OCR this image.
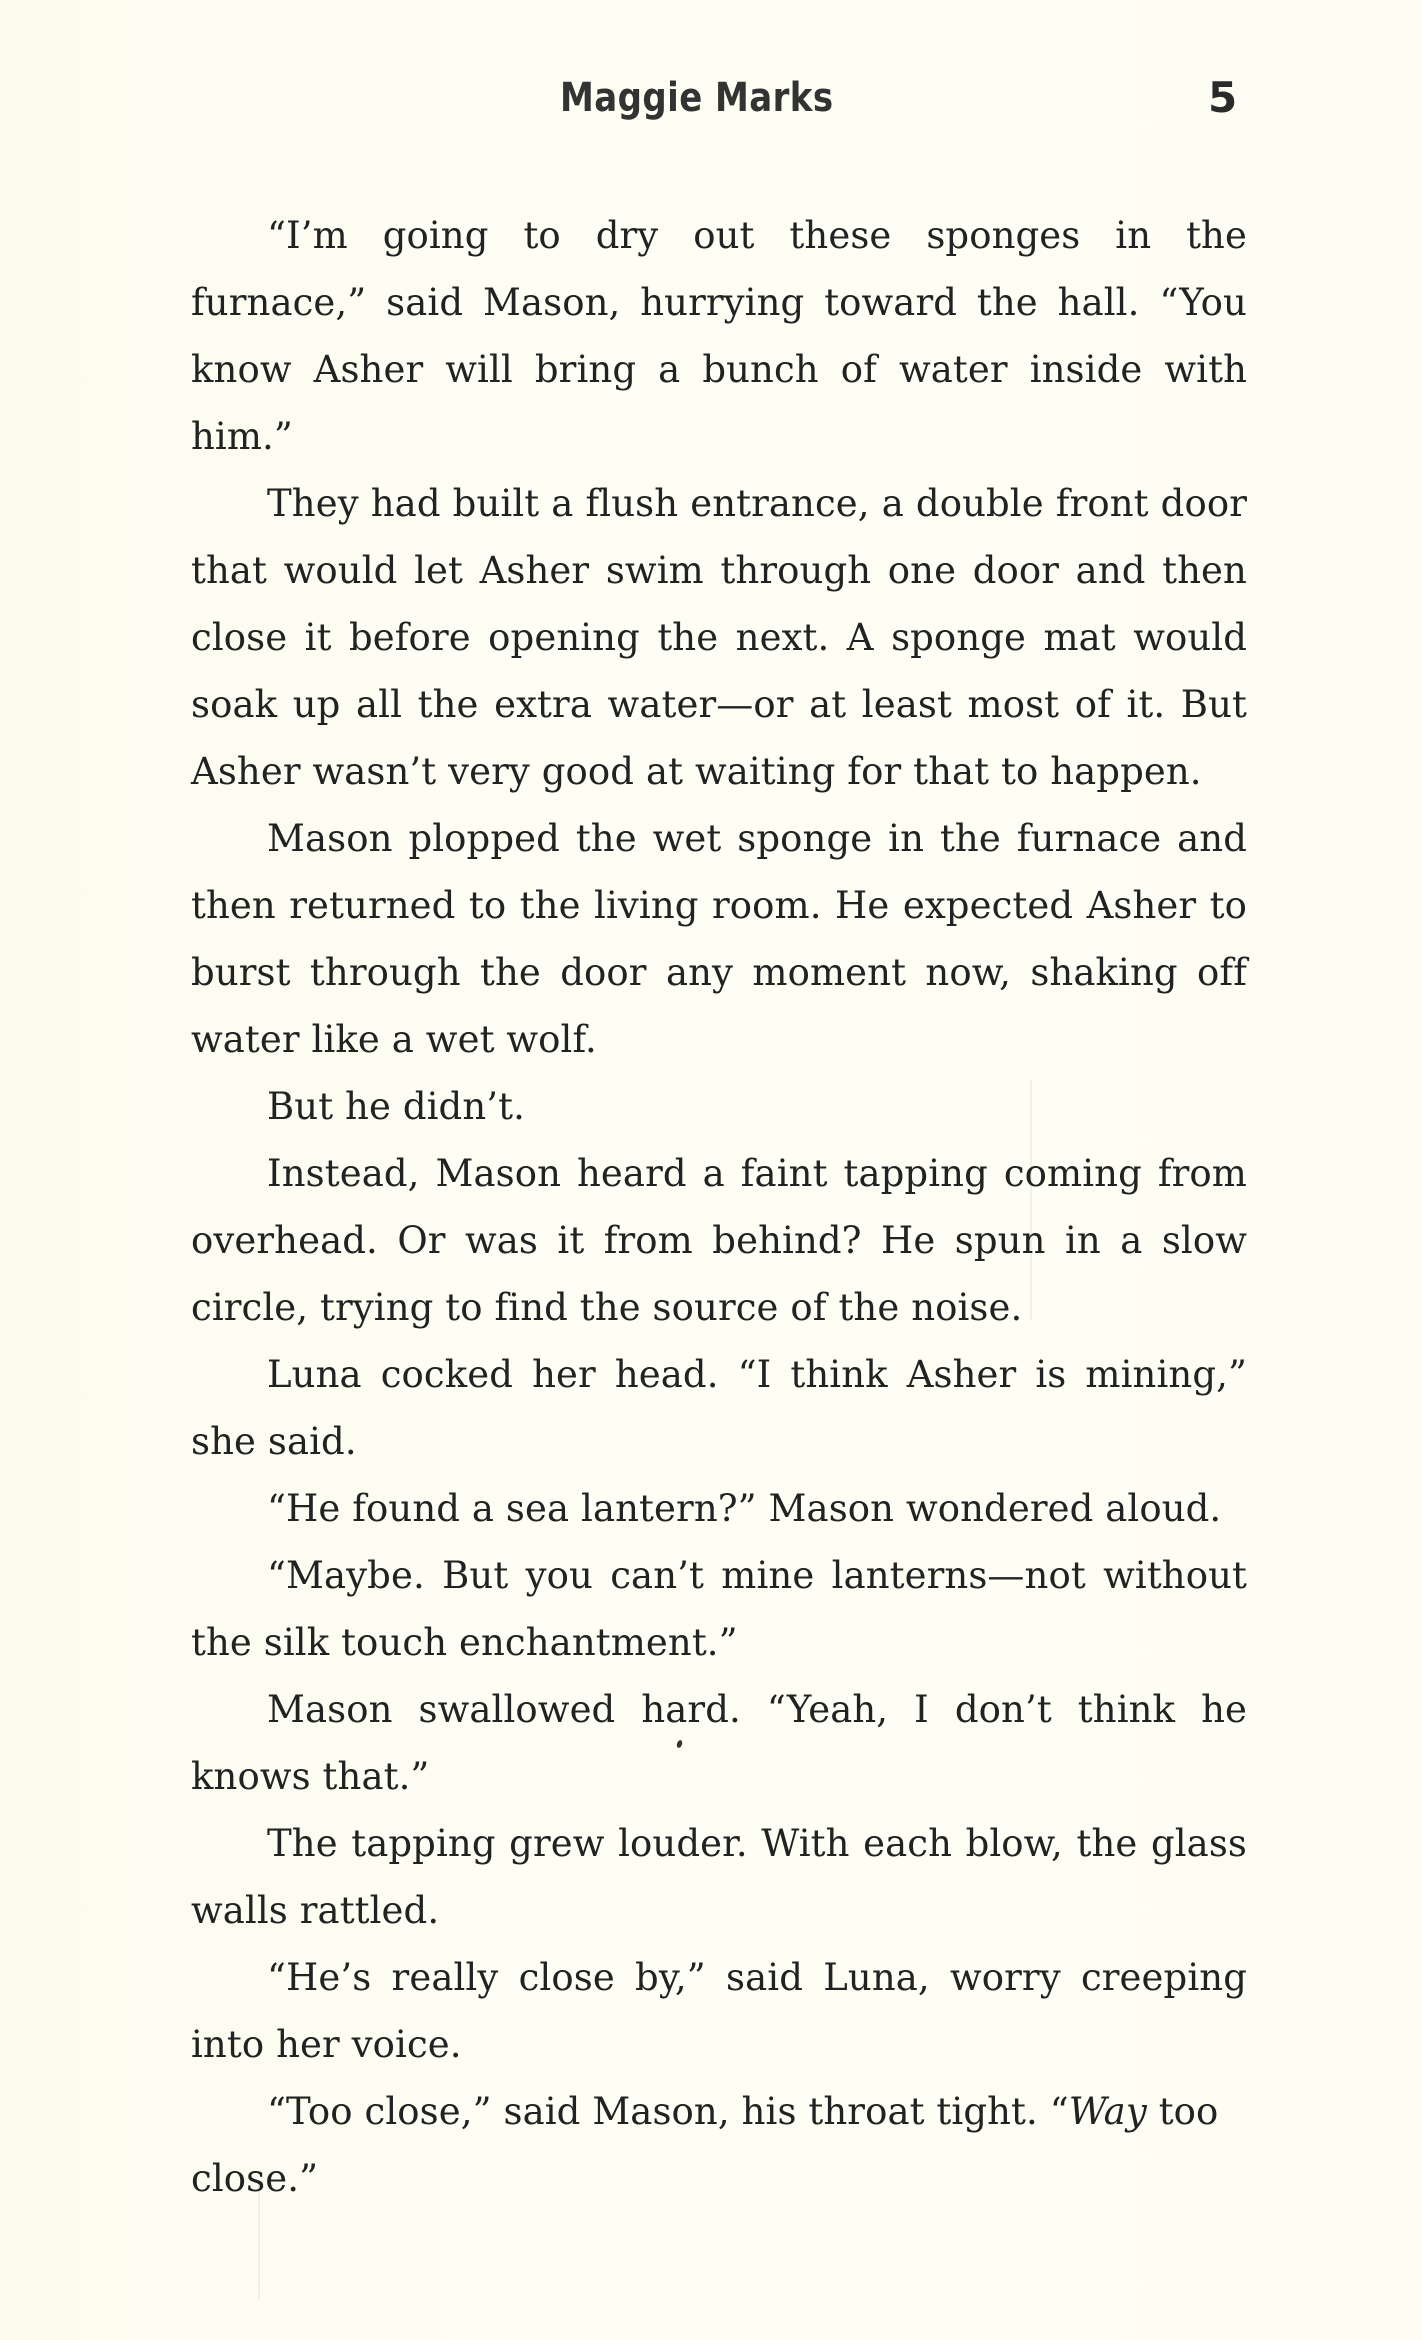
Maggie Marks	5

“I’m going to dry out these sponges in the furnace,” said Mason, hurrying toward the hall. “You know Asher will bring a bunch of water inside with him.”

They had built a flush entrance, a double front door that would let Asher swim through one door and then close it before opening the next. A sponge mat would soak up all the extra water—or at least most of it. But Asher wasn’t very good at waiting for that to happen.

Mason plopped the wet sponge in the furnace and then returned to the living room. He expected Asher to burst through the door any moment now, shaking off water like a wet wolf.

But he didn’t.

Instead, Mason heard a faint tapping coming from overhead. Or was it from behind? He spun in a slow circle, trying to find the source of the noise.

Luna cocked her head. “I think Asher is mining,” she said.

“He found a sea lantern?” Mason wondered aloud.

“Maybe. But you can’t mine lanterns—not without the silk touch enchantment.”

Mason swallowed hard. “Yeah, I don’t think he knows that.”

The tapping grew louder. With each blow, the glass walls rattled.

“He’s really close by,” said Luna, worry creeping into her voice.

“Too close,” said Mason, his throat tight. “Way too close.”
